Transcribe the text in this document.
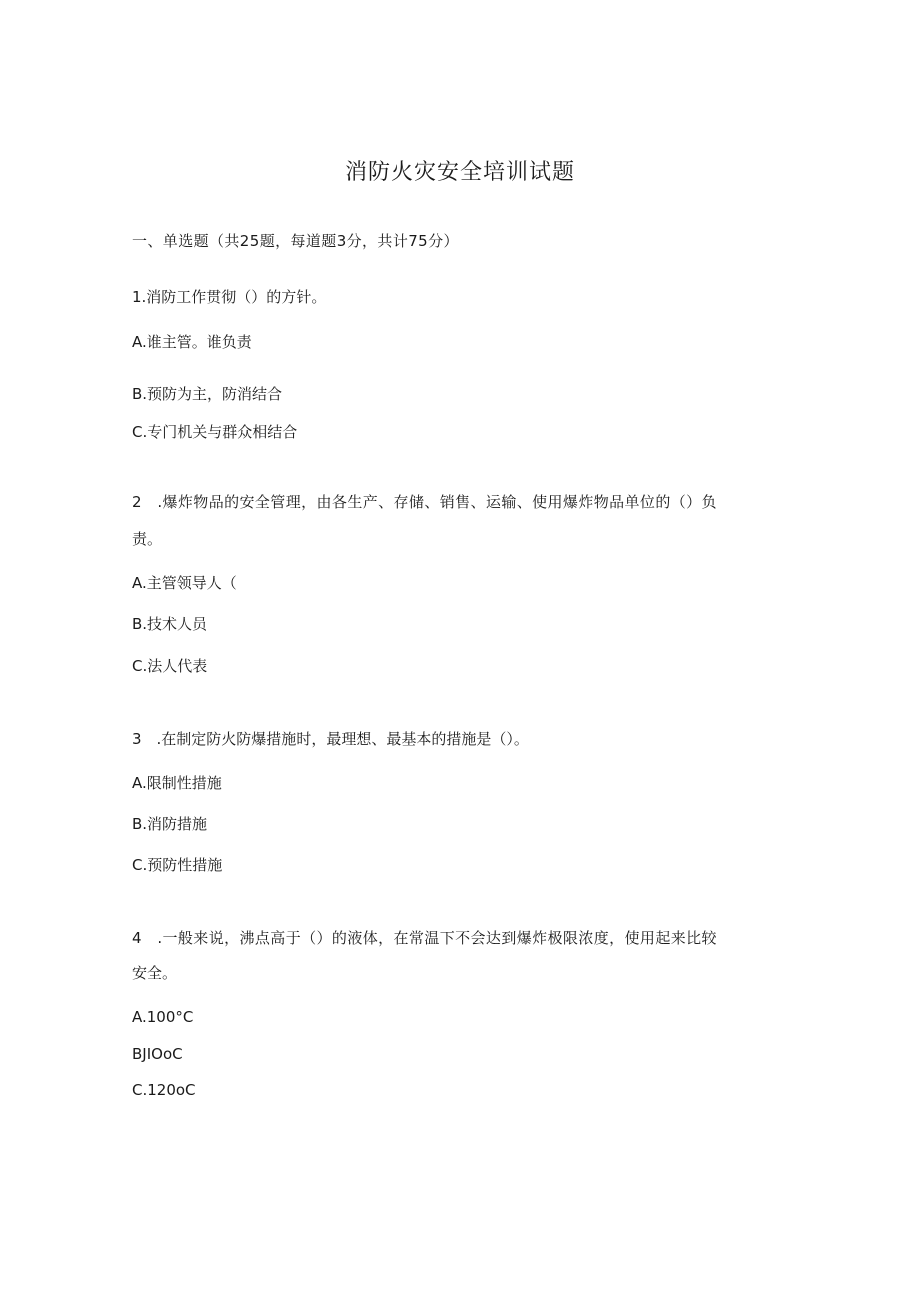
消防火灾安全培训试题
一、单选题（共25题，每道题3分，共计75分）
1.消防工作贯彻（）的方针。
A.谁主管。谁负责
B.预防为主，防消结合
C.专门机关与群众相结合
2　.爆炸物品的安全管理，由各生产、存储、销售、运输、使用爆炸物品单位的（）负
责。
A.主管领导人（
B.技术人员
C.法人代表
3　.在制定防火防爆措施时，最理想、最基本的措施是（）。
A.限制性措施
B.消防措施
C.预防性措施
4　.一般来说，沸点高于（）的液体，在常温下不会达到爆炸极限浓度，使用起来比较
安全。
A.100°C
BJIOoC
C.120oC
